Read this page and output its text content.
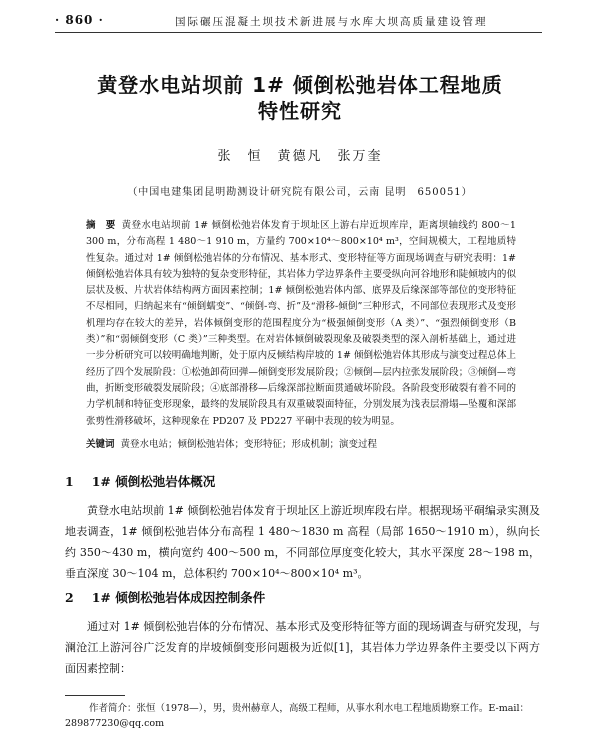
· 860 ·	国际碾压混凝土坝技术新进展与水库大坝高质量建设管理
黄登水电站坝前 1# 倾倒松弛岩体工程地质
特性研究
张　恒　黄德凡　张万奎
（中国电建集团昆明勘测设计研究院有限公司，云南 昆明　650051）
摘　要 黄登水电站坝前 1# 倾倒松弛岩体发育于坝址区上游右岸近坝库岸，距离坝轴线约 800～1 300 m，分布高程 1 480～1 910 m，方量约 700×10⁴～800×10⁴ m³，空间规模大，工程地质特性复杂。通过对 1# 倾倒松弛岩体的分布情况、基本形式、变形特征等方面现场调查与研究表明：1# 倾倒松弛岩体具有较为独特的复杂变形特征，其岩体力学边界条件主要受纵向河谷地形和陡倾坡内的似层状及板、片状岩体结构两方面因素控制；1# 倾倒松弛岩体内部、底界及后缘深部等部位的变形特征不尽相同，归纳起来有“倾倒蠕变”、“倾倒-弯、折”及“滑移-倾倒”三种形式，不同部位表现形式及变形机理均存在较大的差异，岩体倾倒变形的范围程度分为“极强倾倒变形（A 类）”、“强烈倾倒变形（B 类）”和“弱倾倒变形（C 类）”三种类型。在对岩体倾倒破裂现象及破裂类型的深入剖析基础上，通过进一步分析研究可以较明确地判断，处于原内反倾结构岸坡的 1# 倾倒松弛岩体其形成与演变过程总体上经历了四个发展阶段：①松弛卸荷回弹—倾倒变形发展阶段；②倾倒—层内拉张发展阶段；③倾倒—弯曲，折断变形破裂发展阶段；④底部滑移—后缘深部拉断面贯通破坏阶段。各阶段变形破裂有着不同的力学机制和特征变形现象，最终的发展阶段具有双重破裂面特征，分别发展为浅表层滑塌—坠覆和深部张剪性滑移破坏，这种现象在 PD207 及 PD227 平硐中表现的较为明显。
关键词 黄登水电站；倾倒松弛岩体；变形特征；形成机制；演变过程
1 1# 倾倒松弛岩体概况
黄登水电站坝前 1# 倾倒松弛岩体发育于坝址区上游近坝库段右岸。根据现场平硐编录实测及地表调查，1# 倾倒松弛岩体分布高程 1 480～1830 m 高程（局部 1650～1910 m），纵向长约 350～430 m，横向宽约 400～500 m，不同部位厚度变化较大，其水平深度 28～198 m，垂直深度 30～104 m，总体积约 700×10⁴～800×10⁴ m³。
2 1# 倾倒松弛岩体成因控制条件
通过对 1# 倾倒松弛岩体的分布情况、基本形式及变形特征等方面的现场调查与研究发现，与澜沧江上游河谷广泛发育的岸坡倾倒变形问题极为近似[1]，其岩体力学边界条件主要受以下两方面因素控制：
作者简介：张恒（1978—），男，贵州赫章人，高级工程师，从事水利水电工程地质勘察工作。E-mail：289877230@qq.com
